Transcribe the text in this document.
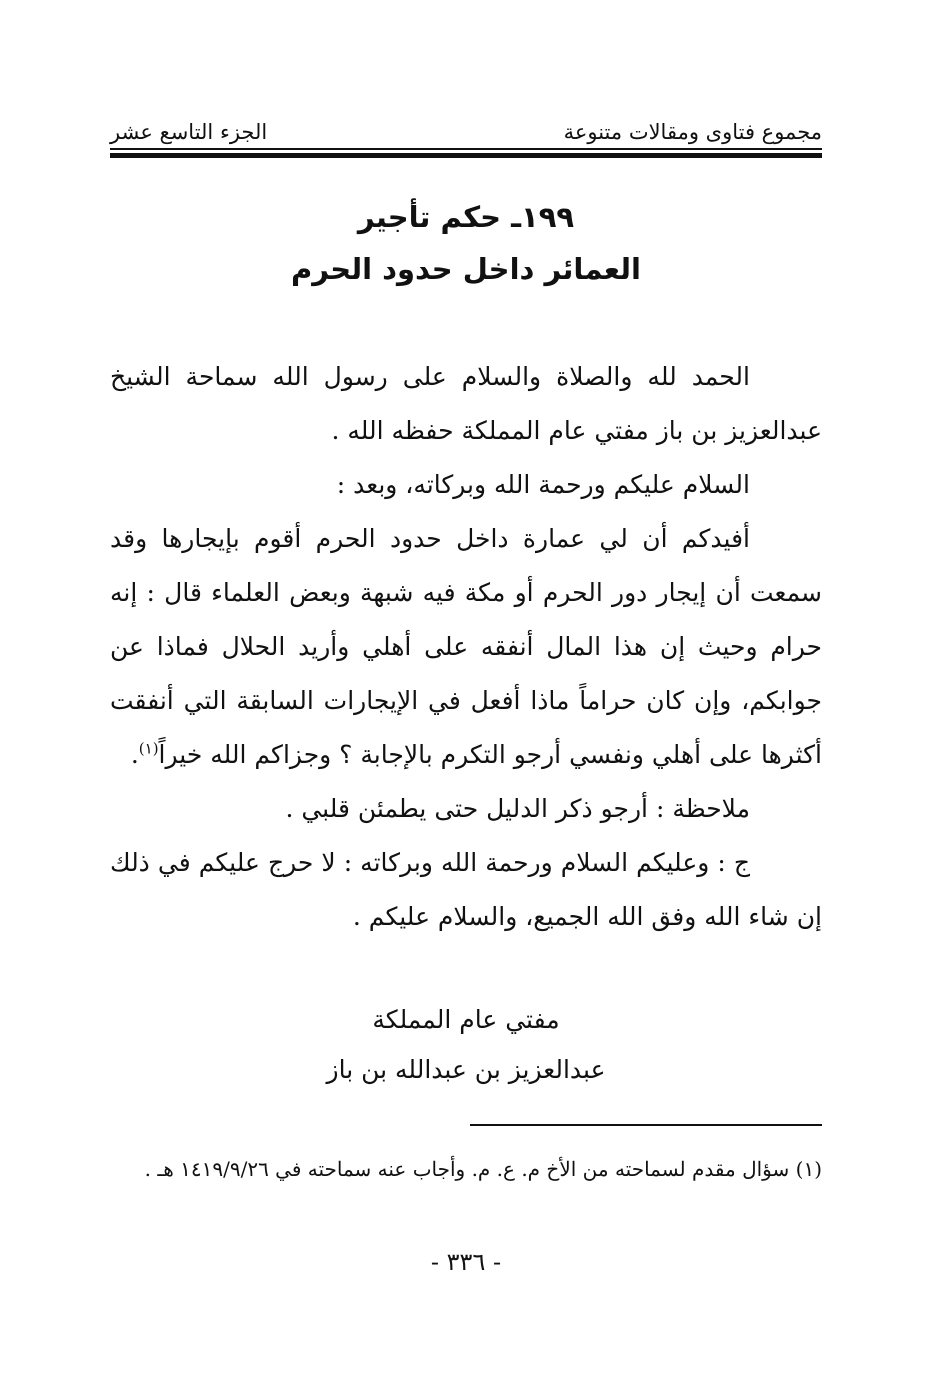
مجموع فتاوى ومقالات متنوعة
الجزء التاسع عشر
١٩٩ـ حكم تأجير
العمائر داخل حدود الحرم

الحمد لله والصلاة والسلام على رسول الله سماحة الشيخ عبدالعزيز بن باز مفتي عام المملكة حفظه الله .

السلام عليكم ورحمة الله وبركاته، وبعد :

أفيدكم أن لي عمارة داخل حدود الحرم أقوم بإيجارها وقد سمعت أن إيجار دور الحرم أو مكة فيه شبهة وبعض العلماء قال : إنه حرام وحيث إن هذا المال أنفقه على أهلي وأريد الحلال فماذا عن جوابكم، وإن كان حراماً ماذا أفعل في الإيجارات السابقة التي أنفقت أكثرها على أهلي ونفسي أرجو التكرم بالإجابة ؟ وجزاكم الله خيراً$^{(١)}$.

ملاحظة : أرجو ذكر الدليل حتى يطمئن قلبي .

ج : وعليكم السلام ورحمة الله وبركاته : لا حرج عليكم في ذلك إن شاء الله وفق الله الجميع، والسلام عليكم .

مفتي عام المملكة
عبدالعزيز بن عبدالله بن باز
(١) سؤال مقدم لسماحته من الأخ م. ع. م. وأجاب عنه سماحته في ١٤١٩/٩/٢٦ هـ .
- ٣٣٦ -
